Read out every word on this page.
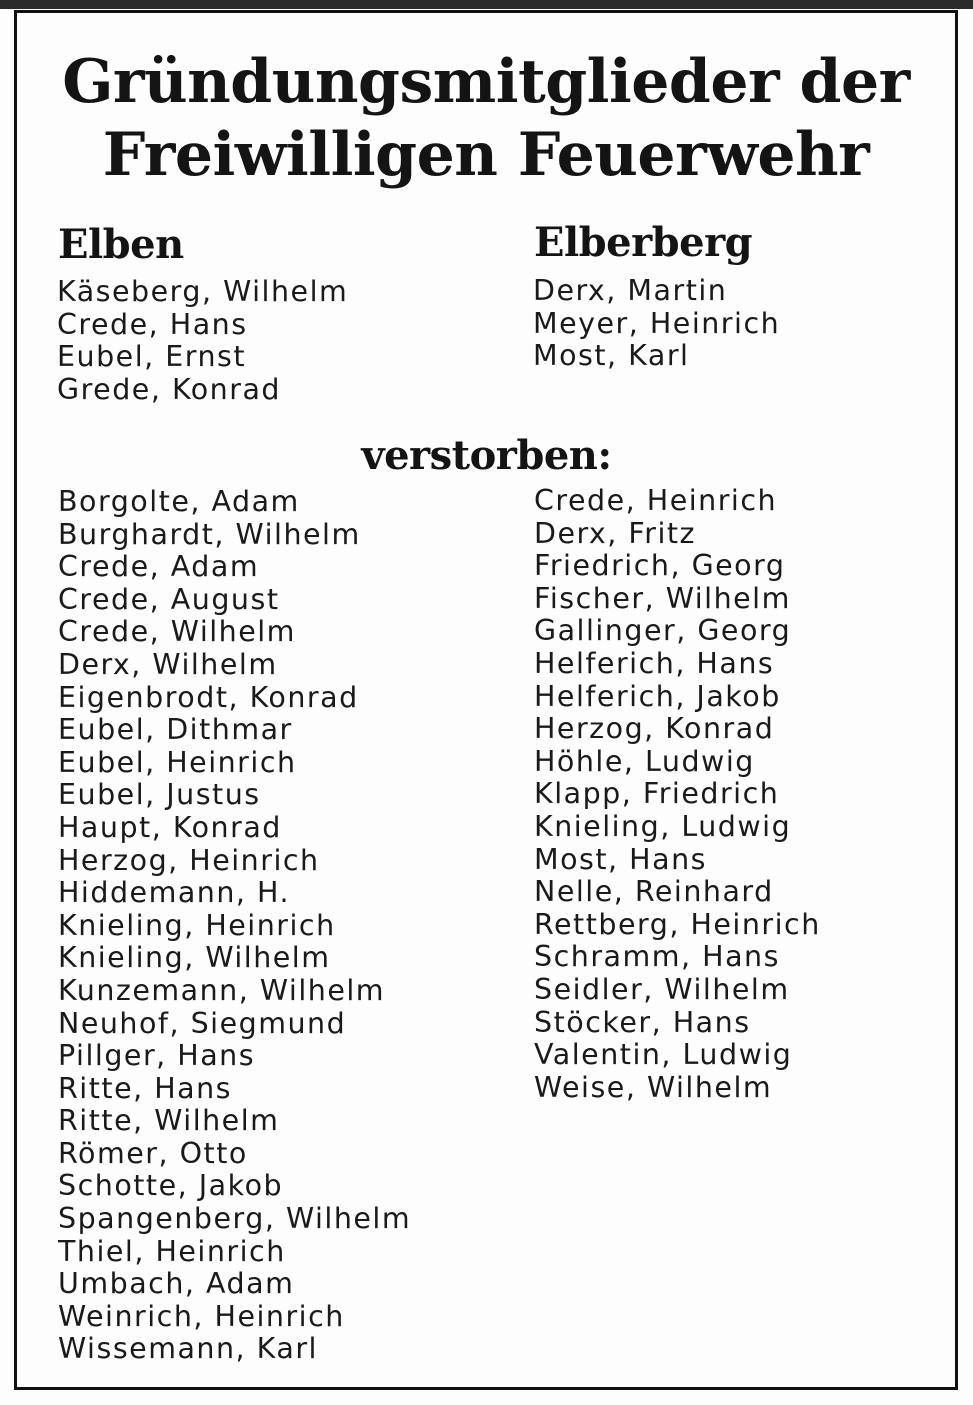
Gründungsmitglieder der
Freiwilligen Feuerwehr
Elben
Käseberg, Wilhelm
Crede, Hans
Eubel, Ernst
Grede, Konrad
Elberberg
Derx, Martin
Meyer, Heinrich
Most, Karl
verstorben:
Borgolte, Adam
Burghardt, Wilhelm
Crede, Adam
Crede, August
Crede, Wilhelm
Derx, Wilhelm
Eigenbrodt, Konrad
Eubel, Dithmar
Eubel, Heinrich
Eubel, Justus
Haupt, Konrad
Herzog, Heinrich
Hiddemann, H.
Knieling, Heinrich
Knieling, Wilhelm
Kunzemann, Wilhelm
Neuhof, Siegmund
Pillger, Hans
Ritte, Hans
Ritte, Wilhelm
Römer, Otto
Schotte, Jakob
Spangenberg, Wilhelm
Thiel, Heinrich
Umbach, Adam
Weinrich, Heinrich
Wissemann, Karl
Crede, Heinrich
Derx, Fritz
Friedrich, Georg
Fischer, Wilhelm
Gallinger, Georg
Helferich, Hans
Helferich, Jakob
Herzog, Konrad
Höhle, Ludwig
Klapp, Friedrich
Knieling, Ludwig
Most, Hans
Nelle, Reinhard
Rettberg, Heinrich
Schramm, Hans
Seidler, Wilhelm
Stöcker, Hans
Valentin, Ludwig
Weise, Wilhelm
